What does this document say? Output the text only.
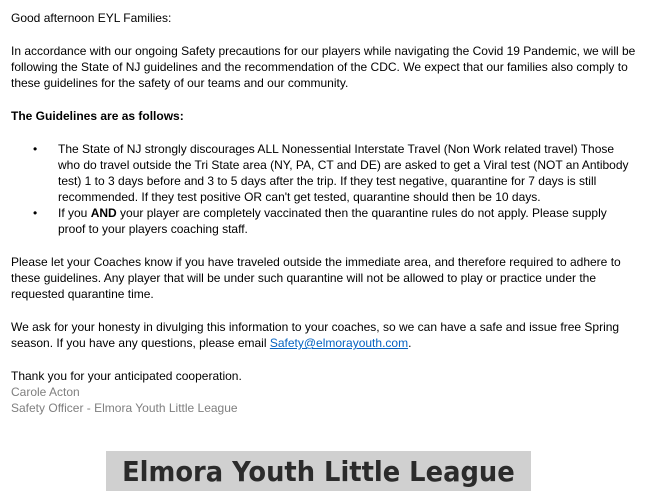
Good afternoon EYL Families:

In accordance with our ongoing Safety precautions for our players while navigating the Covid 19 Pandemic, we will be following the State of NJ guidelines and the recommendation of the CDC. We expect that our families also comply to these guidelines for the safety of our teams and our community.

The Guidelines are as follows:

• The State of NJ strongly discourages ALL Nonessential Interstate Travel (Non Work related travel) Those who do travel outside the Tri State area (NY, PA, CT and DE) are asked to get a Viral test (NOT an Antibody test) 1 to 3 days before and 3 to 5 days after the trip. If they test negative, quarantine for 7 days is still recommended. If they test positive OR can't get tested, quarantine should then be 10 days.
• If you AND your player are completely vaccinated then the quarantine rules do not apply. Please supply proof to your players coaching staff.

Please let your Coaches know if you have traveled outside the immediate area, and therefore required to adhere to these guidelines. Any player that will be under such quarantine will not be allowed to play or practice under the requested quarantine time.

We ask for your honesty in divulging this information to your coaches, so we can have a safe and issue free Spring season. If you have any questions, please email Safety@elmorayouth.com.

Thank you for your anticipated cooperation.

Carole Acton

Safety Officer - Elmora Youth Little League

Elmora Youth Little League
